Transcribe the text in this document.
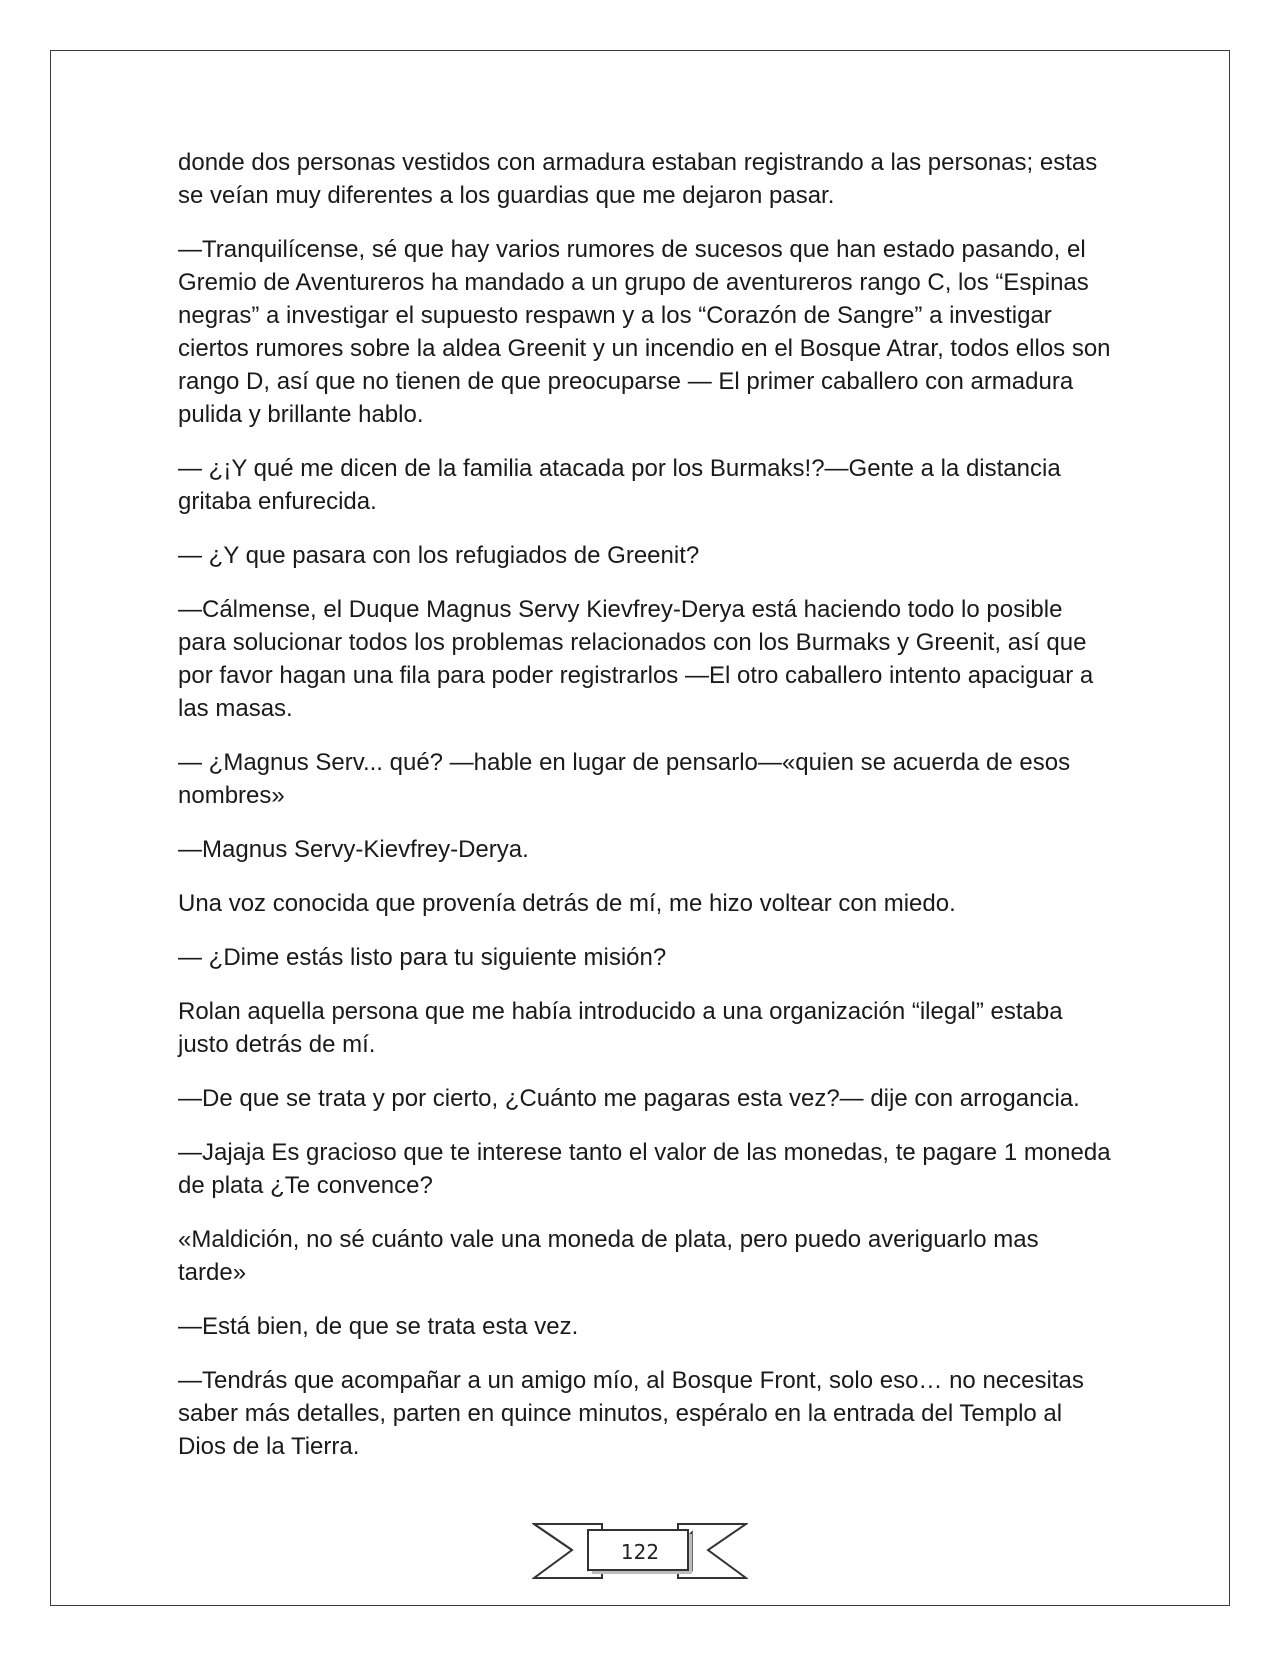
donde dos personas vestidos con armadura estaban registrando a las personas; estas se veían muy diferentes a los guardias que me dejaron pasar.

—Tranquilícense, sé que hay varios rumores de sucesos que han estado pasando, el Gremio de Aventureros ha mandado a un grupo de aventureros rango C, los “Espinas negras” a investigar el supuesto respawn y a los “Corazón de Sangre” a investigar ciertos rumores sobre la aldea Greenit y un incendio en el Bosque Atrar, todos ellos son rango D, así que no tienen de que preocuparse — El primer caballero con armadura pulida y brillante hablo.

— ¿¡Y qué me dicen de la familia atacada por los Burmaks!?—Gente a la distancia gritaba enfurecida.

— ¿Y que pasara con los refugiados de Greenit?

—Cálmense, el Duque Magnus Servy Kievfrey-Derya está haciendo todo lo posible para solucionar todos los problemas relacionados con los Burmaks y Greenit, así que por favor hagan una fila para poder registrarlos —El otro caballero intento apaciguar a las masas.

— ¿Magnus Serv... qué? —hable en lugar de pensarlo—«quien se acuerda de esos nombres»

—Magnus Servy-Kievfrey-Derya.

Una voz conocida que provenía detrás de mí, me hizo voltear con miedo.

— ¿Dime estás listo para tu siguiente misión?

Rolan aquella persona que me había introducido a una organización “ilegal” estaba justo detrás de mí.

—De que se trata y por cierto, ¿Cuánto me pagaras esta vez?— dije con arrogancia.

—Jajaja Es gracioso que te interese tanto el valor de las monedas, te pagare 1 moneda de plata ¿Te convence?

«Maldición, no sé cuánto vale una moneda de plata, pero puedo averiguarlo mas tarde»

—Está bien, de que se trata esta vez.

—Tendrás que acompañar a un amigo mío, al Bosque Front, solo eso… no necesitas saber más detalles, parten en quince minutos, espéralo en la entrada del Templo al Dios de la Tierra.

122
